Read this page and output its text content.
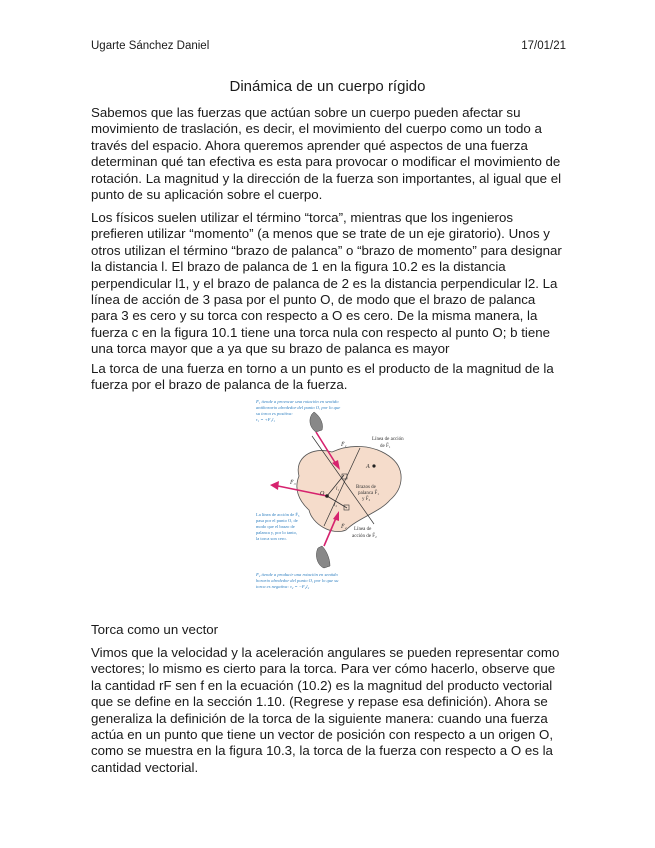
Ugarte Sánchez Daniel	17/01/21
Dinámica de un cuerpo rígido

Sabemos que las fuerzas que actúan sobre un cuerpo pueden afectar su movimiento de traslación, es decir, el movimiento del cuerpo como un todo a través del espacio. Ahora queremos aprender qué aspectos de una fuerza determinan qué tan efectiva es esta para provocar o modificar el movimiento de rotación. La magnitud y la dirección de la fuerza son importantes, al igual que el punto de su aplicación sobre el cuerpo.

Los físicos suelen utilizar el término “torca”, mientras que los ingenieros prefieren utilizar “momento” (a menos que se trate de un eje giratorio). Unos y otros utilizan el término “brazo de palanca” o “brazo de momento” para designar la distancia l. El brazo de palanca de 1 en la figura 10.2 es la distancia perpendicular l1, y el brazo de palanca de 2 es la distancia perpendicular l2. La línea de acción de 3 pasa por el punto O, de modo que el brazo de palanca para 3 es cero y su torca con respecto a O es cero. De la misma manera, la fuerza c en la figura 10.1 tiene una torca nula con respecto al punto O; b tiene una torca mayor que a ya que su brazo de palanca es mayor

La torca de una fuerza en torno a un punto es el producto de la magnitud de la fuerza por el brazo de palanca de la fuerza.

F̄₁ tiende a provocar una rotación en sentido
antihorario alrededor del punto O, por lo que
su torca es positiva:
τ₁ = +F₁l₁
Línea de acción
de F̄₁
F̄₁
A
Brazos de
palanca F̄₁
y F̄₂
F̄₃
O
l₁
l₂
F̄₂
La línea de acción de F̄₃
pasa por el punto O, de
modo que el brazo de
palanca y, por lo tanto,
la torca son cero.
Línea de
acción de F̄₂
F̄₂ tiende a producir una rotación en sentido
horario alrededor del punto O, por lo que su
torca es negativa: τ₂ = −F₂l₂
Torca como un vector

Vimos que la velocidad y la aceleración angulares se pueden representar como vectores; lo mismo es cierto para la torca. Para ver cómo hacerlo, observe que la cantidad rF sen f en la ecuación (10.2) es la magnitud del producto vectorial que se define en la sección 1.10. (Regrese y repase esa definición). Ahora se generaliza la definición de la torca de la siguiente manera: cuando una fuerza actúa en un punto que tiene un vector de posición con respecto a un origen O, como se muestra en la figura 10.3, la torca de la fuerza con respecto a O es la cantidad vectorial.
